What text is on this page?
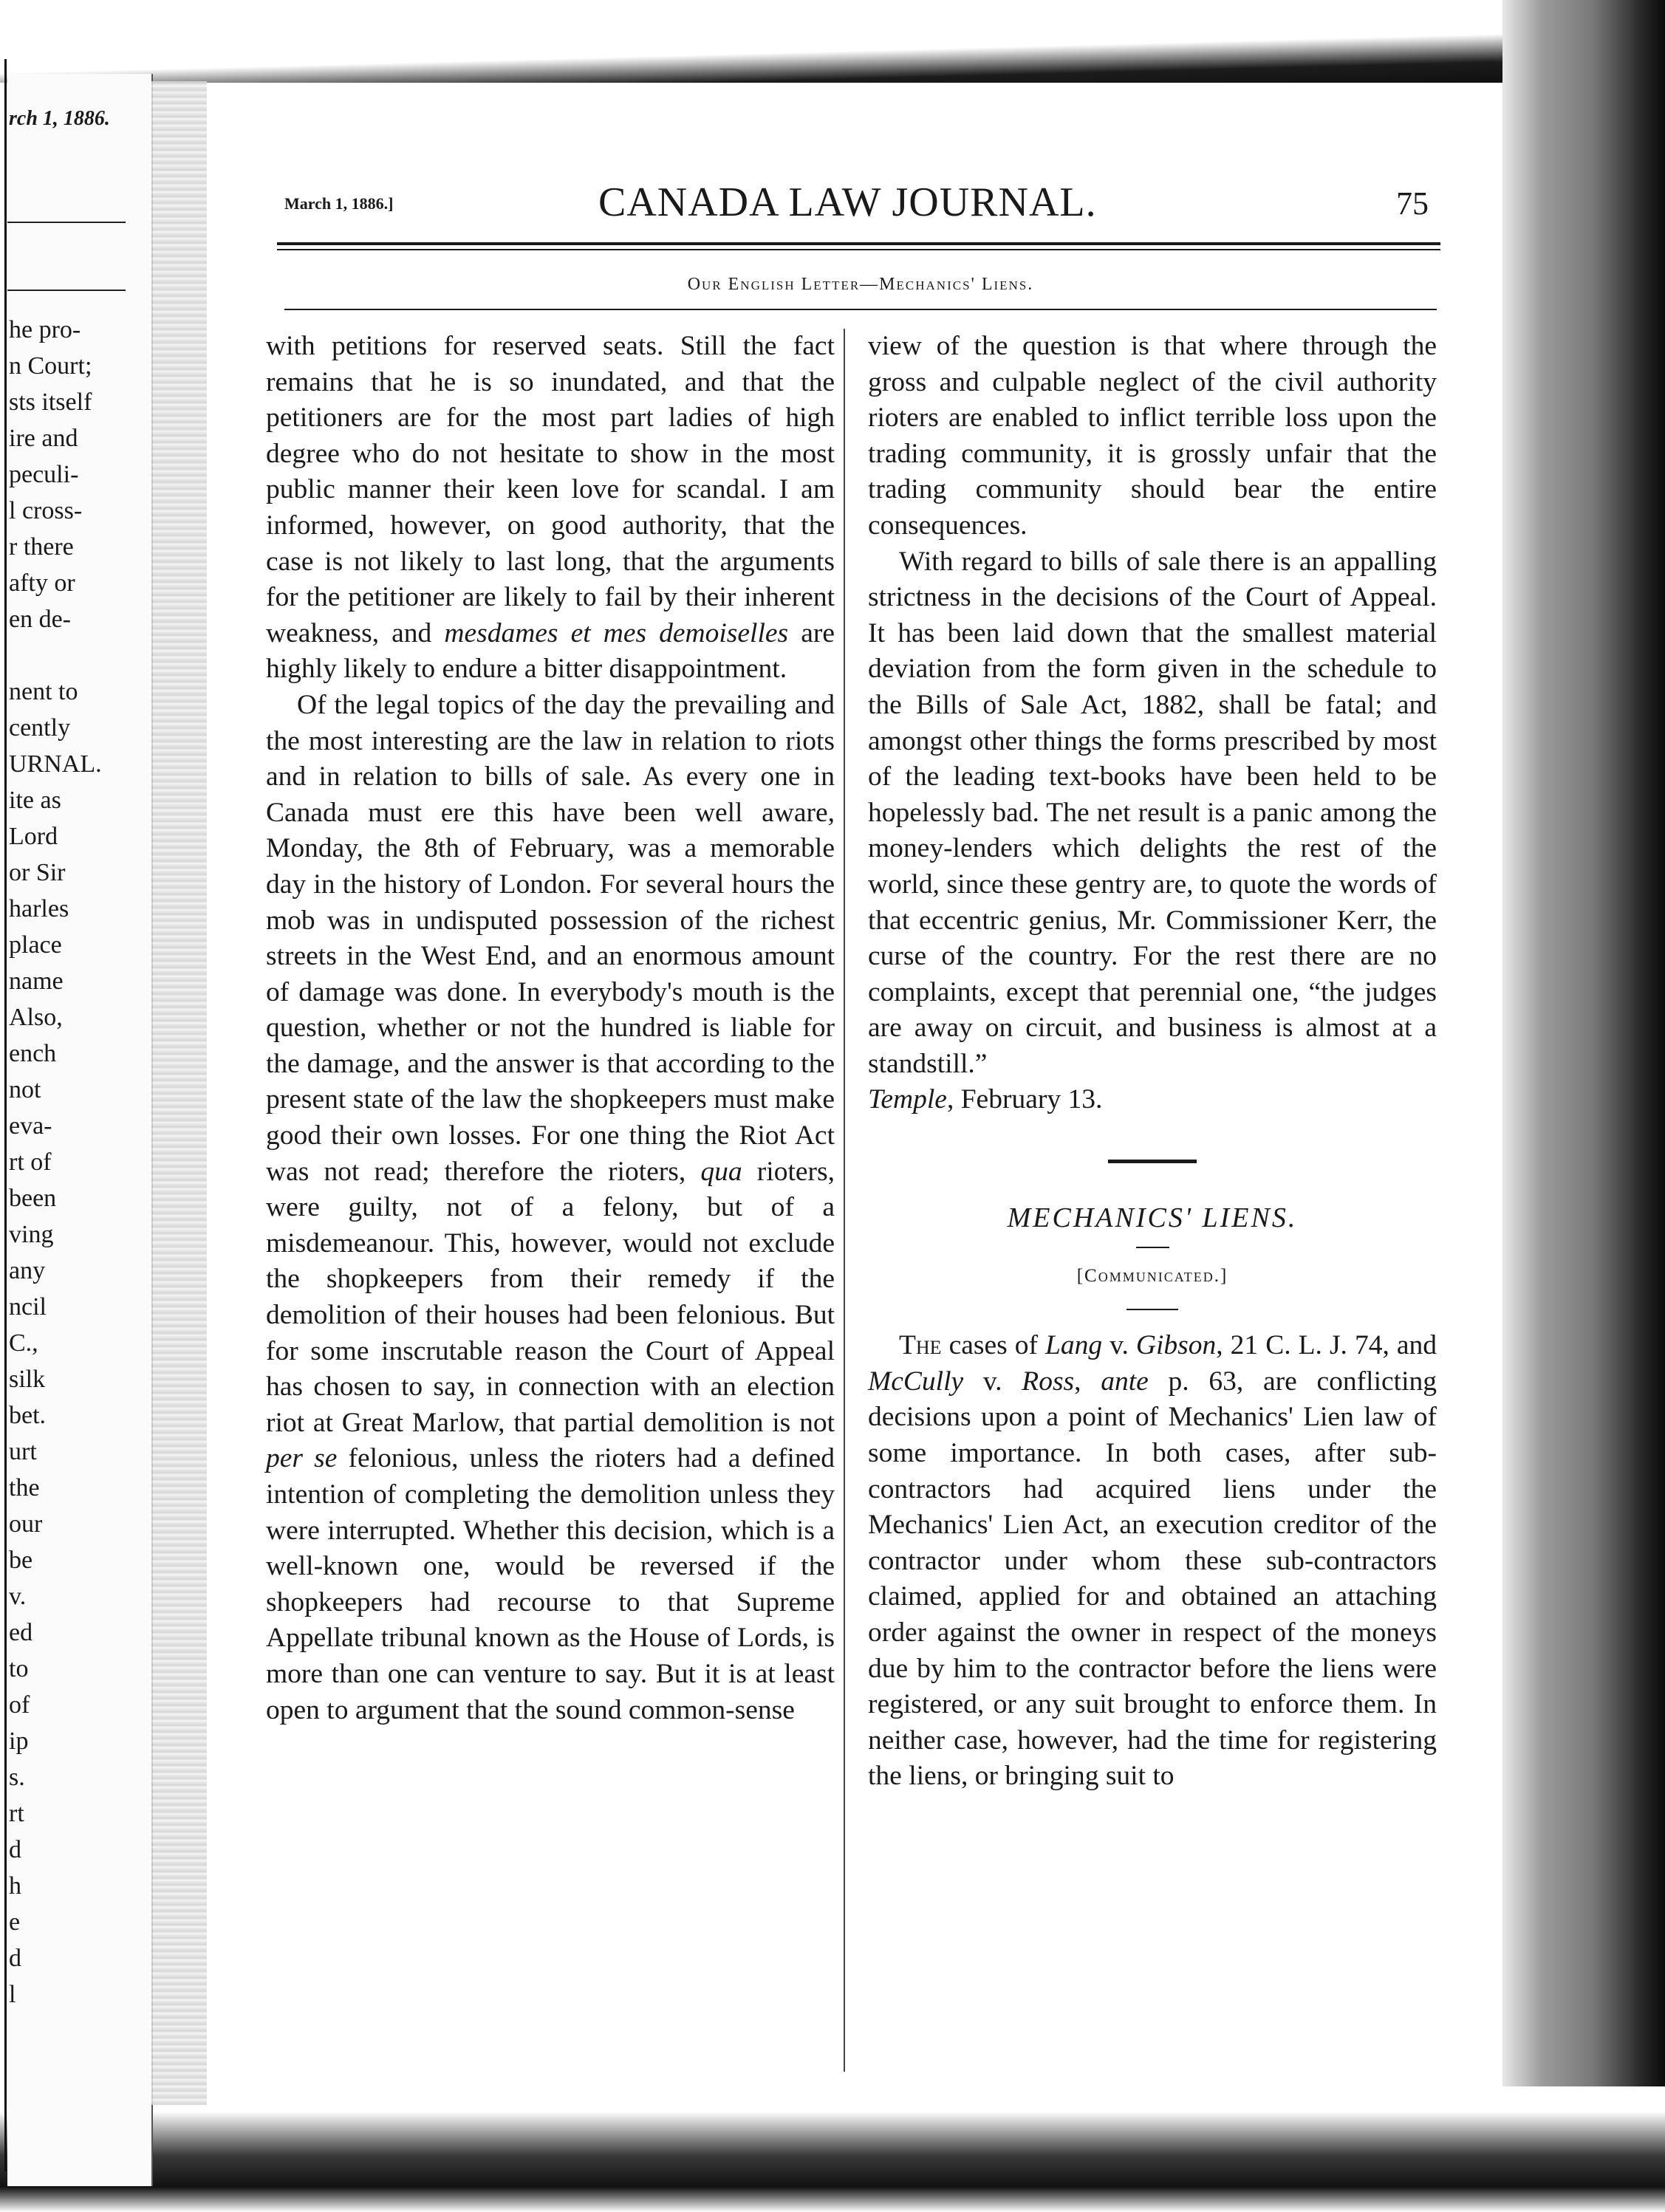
rch 1, 1886.
he pro-
n Court;
sts itself
ire and
peculi-
l cross-
r there
afty or
en de-

nent to
cently
URNAL.
ite as
Lord
or Sir
harles
place
name
Also,
ench
not
eva-
rt of
been
ving
any
ncil
C.,
silk
bet.
urt
the
our
be
v.
ed
to
of
ip
s.
rt
d
h
e
d
l
March 1, 1886.]	CANADA LAW JOURNAL.	75
Our English Letter—Mechanics' Liens.

with petitions for reserved seats. Still the fact remains that he is so inundated, and that the petitioners are for the most part ladies of high degree who do not hesitate to show in the most public manner their keen love for scandal. I am informed, however, on good authority, that the case is not likely to last long, that the arguments for the petitioner are likely to fail by their inherent weakness, and mesdames et mes demoiselles are highly likely to endure a bitter disappointment.

Of the legal topics of the day the prevailing and the most interesting are the law in relation to riots and in relation to bills of sale. As every one in Canada must ere this have been well aware, Monday, the 8th of February, was a memorable day in the history of London. For several hours the mob was in undisputed possession of the richest streets in the West End, and an enormous amount of damage was done. In everybody's mouth is the question, whether or not the hundred is liable for the damage, and the answer is that according to the present state of the law the shopkeepers must make good their own losses. For one thing the Riot Act was not read; therefore the rioters, qua rioters, were guilty, not of a felony, but of a misdemeanour. This, however, would not exclude the shopkeepers from their remedy if the demolition of their houses had been felonious. But for some inscrutable reason the Court of Appeal has chosen to say, in connection with an election riot at Great Marlow, that partial demolition is not per se felonious, unless the rioters had a defined intention of completing the demolition unless they were interrupted. Whether this decision, which is a well-known one, would be reversed if the shopkeepers had recourse to that Supreme Appellate tribunal known as the House of Lords, is more than one can venture to say. But it is at least open to argument that the sound common-sense

view of the question is that where through the gross and culpable neglect of the civil authority rioters are enabled to inflict terrible loss upon the trading community, it is grossly unfair that the trading community should bear the entire consequences.

With regard to bills of sale there is an appalling strictness in the decisions of the Court of Appeal. It has been laid down that the smallest material deviation from the form given in the schedule to the Bills of Sale Act, 1882, shall be fatal; and amongst other things the forms prescribed by most of the leading text-books have been held to be hopelessly bad. The net result is a panic among the money-lenders which delights the rest of the world, since these gentry are, to quote the words of that eccentric genius, Mr. Commissioner Kerr, the curse of the country. For the rest there are no complaints, except that perennial one, “the judges are away on circuit, and business is almost at a standstill.”

Temple, February 13.

MECHANICS' LIENS.

[Communicated.]

The cases of Lang v. Gibson, 21 C. L. J. 74, and McCully v. Ross, ante p. 63, are conflicting decisions upon a point of Mechanics' Lien law of some importance. In both cases, after sub-contractors had acquired liens under the Mechanics' Lien Act, an execution creditor of the contractor under whom these sub-contractors claimed, applied for and obtained an attaching order against the owner in respect of the moneys due by him to the contractor before the liens were registered, or any suit brought to enforce them. In neither case, however, had the time for registering the liens, or bringing suit to
